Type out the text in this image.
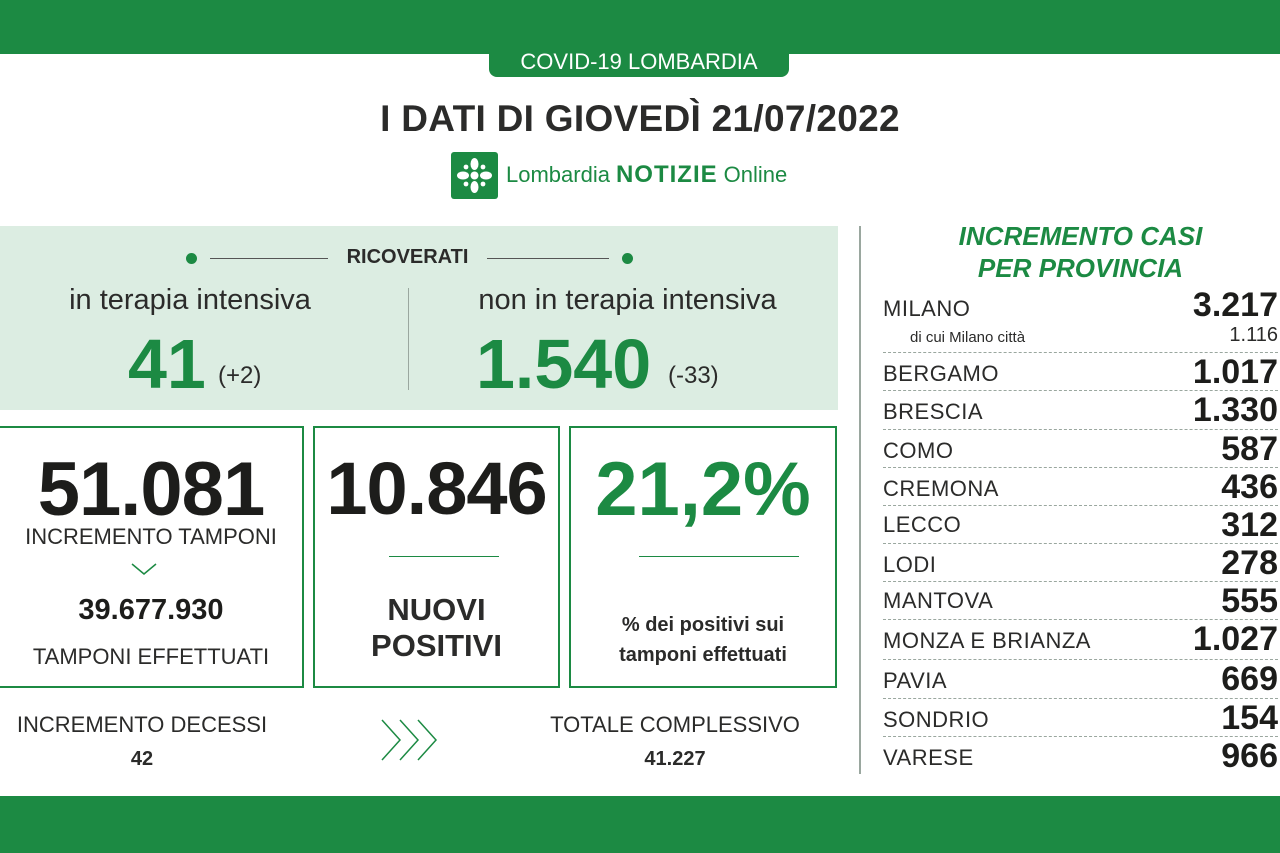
COVID-19 LOMBARDIA
I DATI DI GIOVEDÌ 21/07/2022
Lombardia NOTIZIE Online
RICOVERATI
in terapia intensiva
41 (+2)
non in terapia intensiva
1.540 (-33)
51.081
INCREMENTO TAMPONI
39.677.930
TAMPONI EFFETTUATI
10.846
NUOVI
POSITIVI
21,2%
% dei positivi sui
tamponi effettuati
INCREMENTO DECESSI
42
TOTALE COMPLESSIVO
41.227
INCREMENTO CASI
PER PROVINCIA
MILANO	3.217
di cui Milano città	1.116
BERGAMO	1.017
BRESCIA	1.330
COMO	587
CREMONA	436
LECCO	312
LODI	278
MANTOVA	555
MONZA E BRIANZA	1.027
PAVIA	669
SONDRIO	154
VARESE	966
